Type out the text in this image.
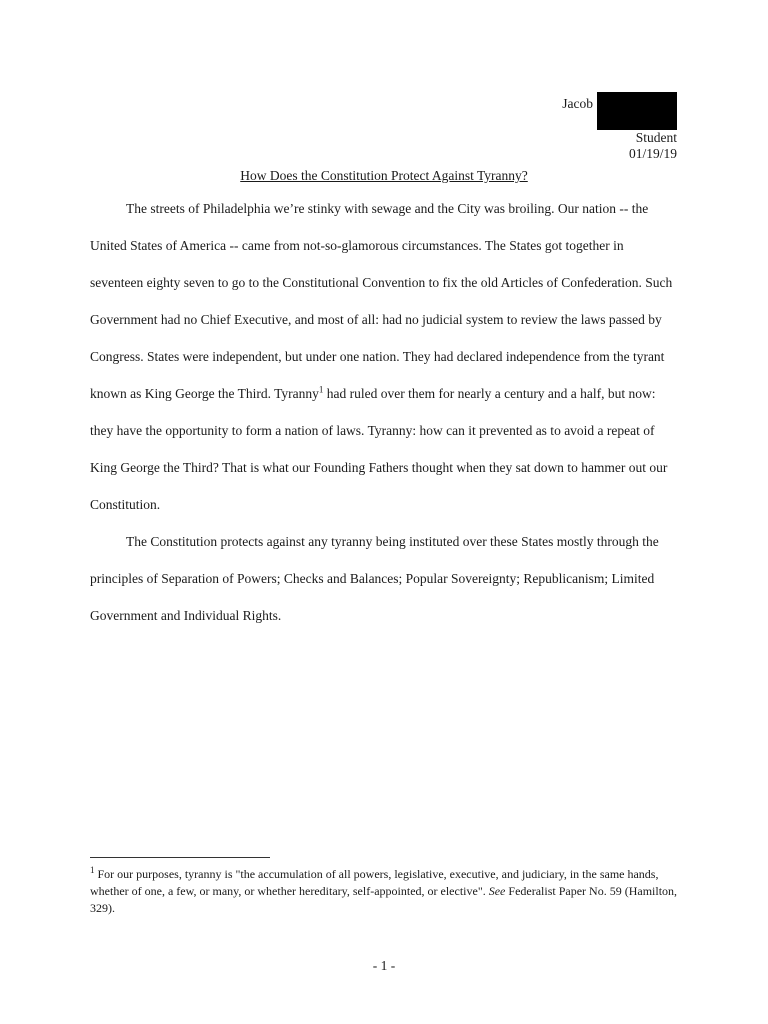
Jacob
Student
01/19/19
How Does the Constitution Protect Against Tyranny?

The streets of Philadelphia we’re stinky with sewage and the City was broiling. Our nation -- the United States of America -- came from not-so-glamorous circumstances. The States got together in seventeen eighty seven to go to the Constitutional Convention to fix the old Articles of Confederation. Such Government had no Chief Executive, and most of all: had no judicial system to review the laws passed by Congress. States were independent, but under one nation. They had declared independence from the tyrant known as King George the Third. Tyranny$^1$ had ruled over them for nearly a century and a half, but now: they have the opportunity to form a nation of laws. Tyranny: how can it prevented as to avoid a repeat of King George the Third? That is what our Founding Fathers thought when they sat down to hammer out our Constitution.

The Constitution protects against any tyranny being instituted over these States mostly through the principles of Separation of Powers; Checks and Balances; Popular Sovereignty; Republicanism; Limited Government and Individual Rights.

$^1$ For our purposes, tyranny is "the accumulation of all powers, legislative, executive, and judiciary, in the same hands, whether of one, a few, or many, or whether hereditary, self-appointed, or elective". See Federalist Paper No. 59 (Hamilton, 329).
- 1 -
